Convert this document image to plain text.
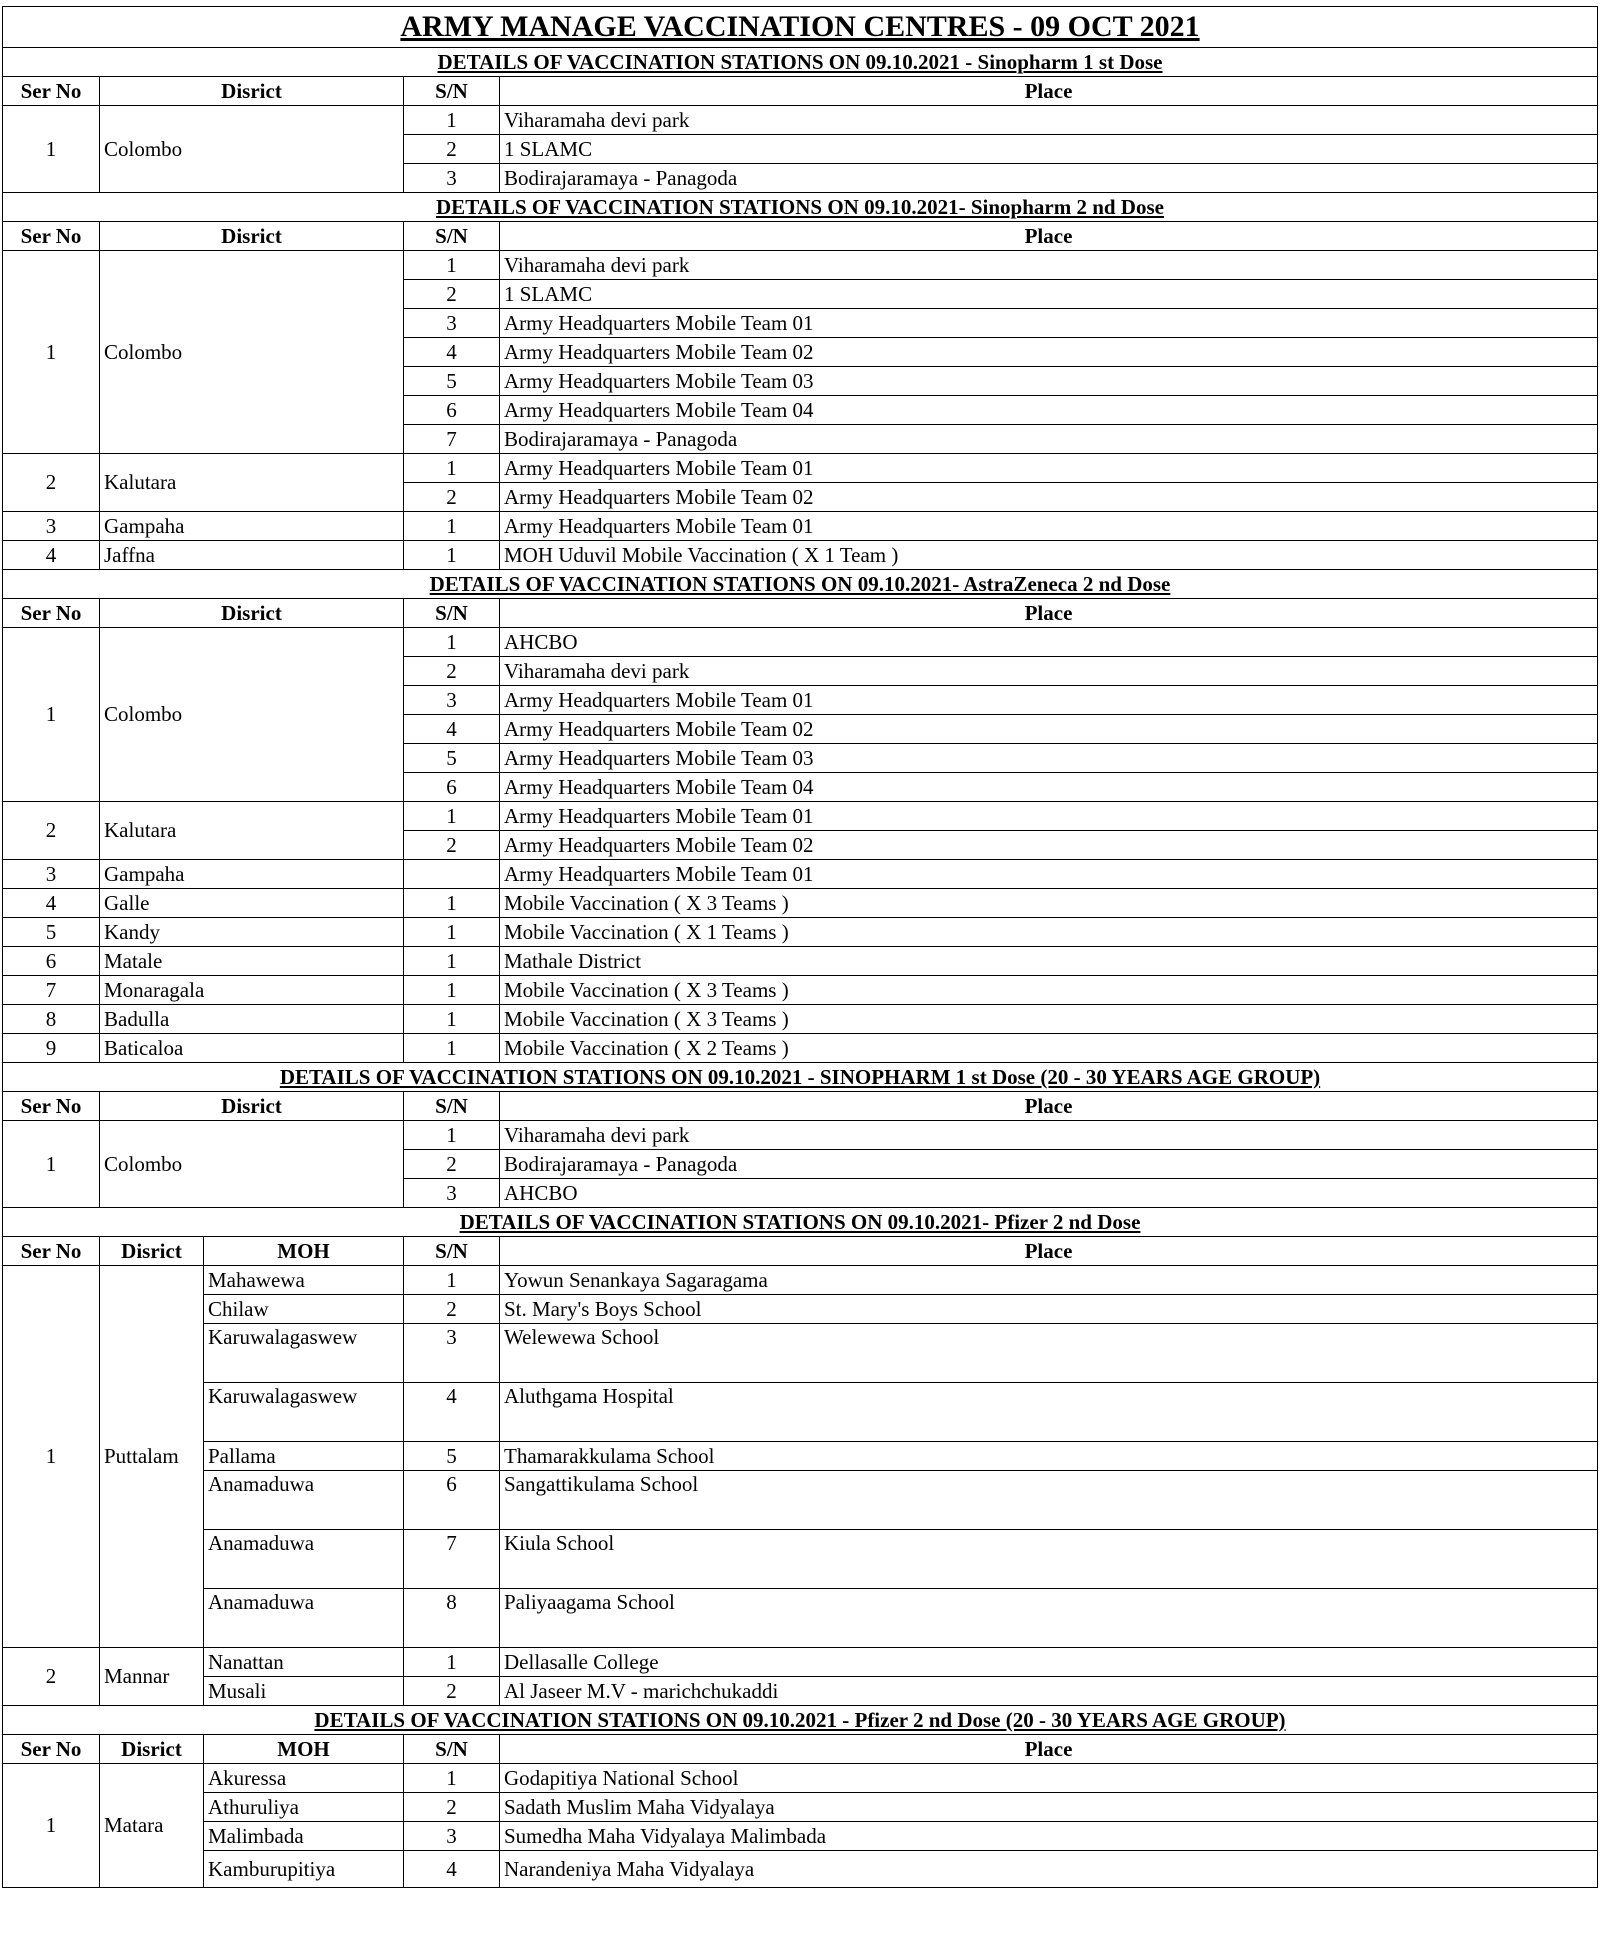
ARMY MANAGE VACCINATION CENTRES - 09 OCT 2021				
DETAILS OF VACCINATION STATIONS ON 09.10.2021 - Sinopharm 1 st Dose				
Ser No	Disrict		S/N	Place
1	Colombo		1	Viharamaha devi park
			2	1 SLAMC
			3	Bodirajaramaya - Panagoda
DETAILS OF VACCINATION STATIONS ON 09.10.2021- Sinopharm 2 nd Dose				
Ser No	Disrict		S/N	Place
1	Colombo		1	Viharamaha devi park
			2	1 SLAMC
			3	Army Headquarters Mobile Team 01
			4	Army Headquarters Mobile Team 02
			5	Army Headquarters Mobile Team 03
			6	Army Headquarters Mobile Team 04
			7	Bodirajaramaya - Panagoda
2	Kalutara		1	Army Headquarters Mobile Team 01
			2	Army Headquarters Mobile Team 02
3	Gampaha		1	Army Headquarters Mobile Team 01
4	Jaffna		1	MOH Uduvil Mobile Vaccination ( X 1 Team )
DETAILS OF VACCINATION STATIONS ON 09.10.2021- AstraZeneca 2 nd Dose				
Ser No	Disrict		S/N	Place
1	Colombo		1	AHCBO
			2	Viharamaha devi park
			3	Army Headquarters Mobile Team 01
			4	Army Headquarters Mobile Team 02
			5	Army Headquarters Mobile Team 03
			6	Army Headquarters Mobile Team 04
2	Kalutara		1	Army Headquarters Mobile Team 01
			2	Army Headquarters Mobile Team 02
3	Gampaha			Army Headquarters Mobile Team 01
4	Galle		1	Mobile Vaccination ( X 3 Teams )
5	Kandy		1	Mobile Vaccination ( X 1 Teams )
6	Matale		1	Mathale District
7	Monaragala		1	Mobile Vaccination ( X 3 Teams )
8	Badulla		1	Mobile Vaccination ( X 3 Teams )
9	Baticaloa		1	Mobile Vaccination ( X 2 Teams )
DETAILS OF VACCINATION STATIONS ON 09.10.2021 - SINOPHARM 1 st Dose (20 - 30 YEARS AGE GROUP)				
Ser No	Disrict		S/N	Place
1	Colombo		1	Viharamaha devi park
			2	Bodirajaramaya - Panagoda
			3	AHCBO
DETAILS OF VACCINATION STATIONS ON 09.10.2021- Pfizer 2 nd Dose				
Ser No	Disrict	MOH	S/N	Place
1	Puttalam	Mahawewa	1	Yowun Senankaya Sagaragama
		Chilaw	2	St. Mary's Boys School
		Karuwalagaswew	3	Welewewa School
		Karuwalagaswew	4	Aluthgama Hospital
		Pallama	5	Thamarakkulama School
		Anamaduwa	6	Sangattikulama School
		Anamaduwa	7	Kiula School
		Anamaduwa	8	Paliyaagama School
2	Mannar	Nanattan	1	Dellasalle College
		Musali	2	Al Jaseer M.V - marichchukaddi
DETAILS OF VACCINATION STATIONS ON 09.10.2021 - Pfizer 2 nd Dose (20 - 30 YEARS AGE GROUP)				
Ser No	Disrict	MOH	S/N	Place
1	Matara	Akuressa	1	Godapitiya National School
		Athuruliya	2	Sadath Muslim Maha Vidyalaya
		Malimbada	3	Sumedha Maha Vidyalaya Malimbada
		Kamburupitiya	4	Narandeniya Maha Vidyalaya
